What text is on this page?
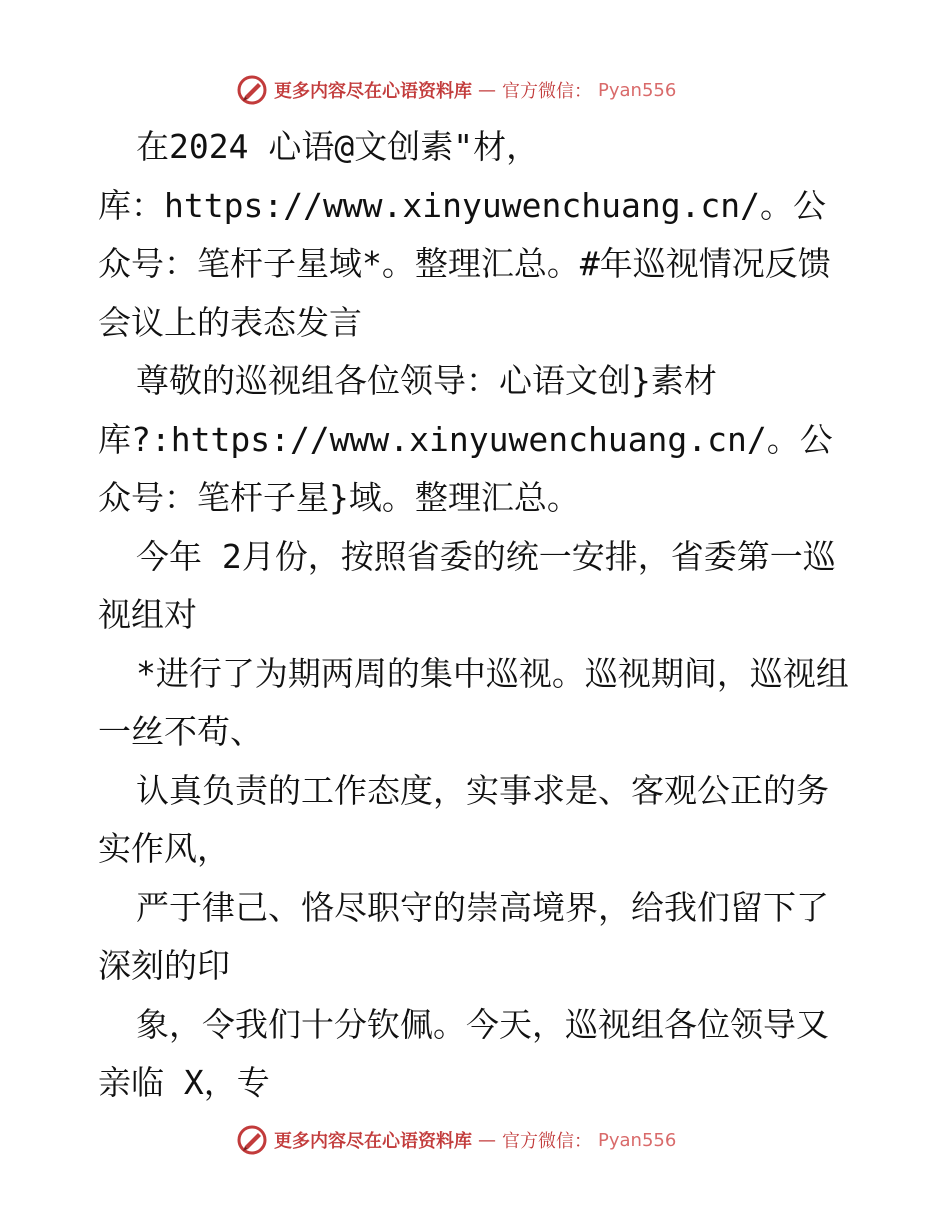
更多内容尽在心语资料库 — 官方微信： Pyan556

在2024 心语@文创素"材，

库：https://www.xinyuwenchuang.cn/。公众号：笔杆子星域*。整理汇总。#年巡视情况反馈会议上的表态发言

尊敬的巡视组各位领导：心语文创}素材库?:https://www.xinyuwenchuang.cn/。公众号：笔杆子星}域。整理汇总。

今年 2月份，按照省委的统一安排，省委第一巡视组对

*进行了为期两周的集中巡视。巡视期间，巡视组一丝不苟、

认真负责的工作态度，实事求是、客观公正的务实作风，

严于律己、恪尽职守的崇高境界，给我们留下了深刻的印

象，令我们十分钦佩。今天，巡视组各位领导又亲临 X，专

更多内容尽在心语资料库 — 官方微信： Pyan556
